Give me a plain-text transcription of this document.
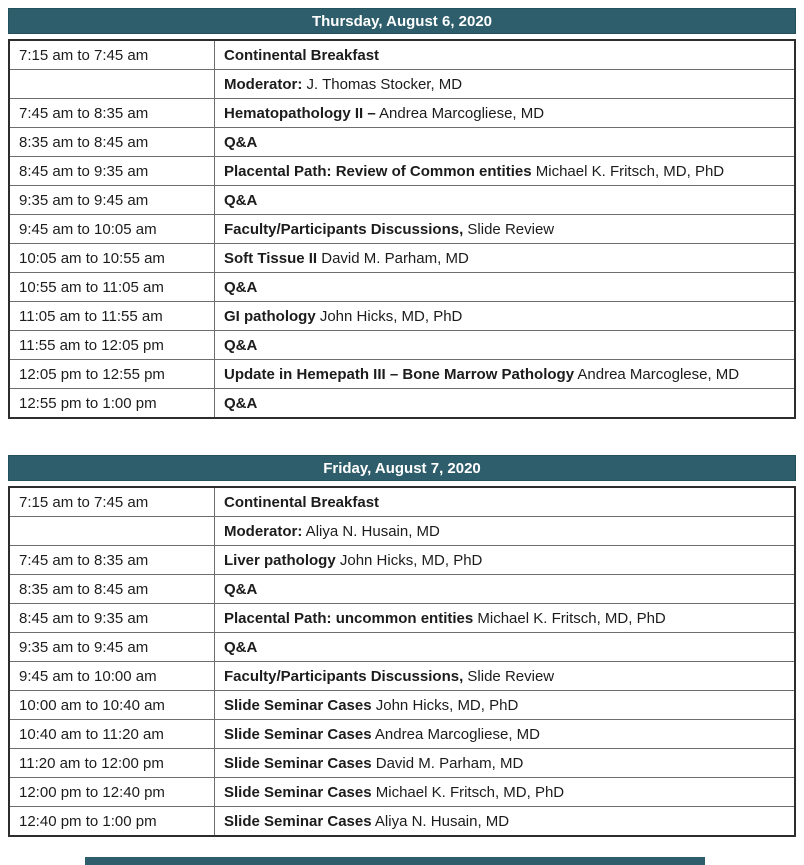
Thursday, August 6, 2020
7:15 am to 7:45 am	Continental Breakfast
	Moderator: J. Thomas Stocker, MD
7:45 am to 8:35 am	Hematopathology II – Andrea Marcogliese, MD
8:35 am to 8:45 am	Q&A
8:45 am to 9:35 am	Placental Path: Review of Common entities Michael K. Fritsch, MD, PhD
9:35 am to 9:45 am	Q&A
9:45 am to 10:05 am	Faculty/Participants Discussions, Slide Review
10:05 am to 10:55 am	Soft Tissue II David M. Parham, MD
10:55 am to 11:05 am	Q&A
11:05 am to 11:55 am	GI pathology John Hicks, MD, PhD
11:55 am to 12:05 pm	Q&A
12:05 pm to 12:55 pm	Update in Hemepath III – Bone Marrow Pathology Andrea Marcoglese, MD
12:55 pm to 1:00 pm	Q&A
Friday, August 7, 2020
7:15 am to 7:45 am	Continental Breakfast
	Moderator: Aliya N. Husain, MD
7:45 am to 8:35 am	Liver pathology John Hicks, MD, PhD
8:35 am to 8:45 am	Q&A
8:45 am to 9:35 am	Placental Path: uncommon entities Michael K. Fritsch, MD, PhD
9:35 am to 9:45 am	Q&A
9:45 am to 10:00 am	Faculty/Participants Discussions, Slide Review
10:00 am to 10:40 am	Slide Seminar Cases John Hicks, MD, PhD
10:40 am to 11:20 am	Slide Seminar Cases Andrea Marcogliese, MD
11:20 am to 12:00 pm	Slide Seminar Cases David M. Parham, MD
12:00 pm to 12:40 pm	Slide Seminar Cases Michael K. Fritsch, MD, PhD
12:40 pm to 1:00 pm	Slide Seminar Cases Aliya N. Husain, MD
